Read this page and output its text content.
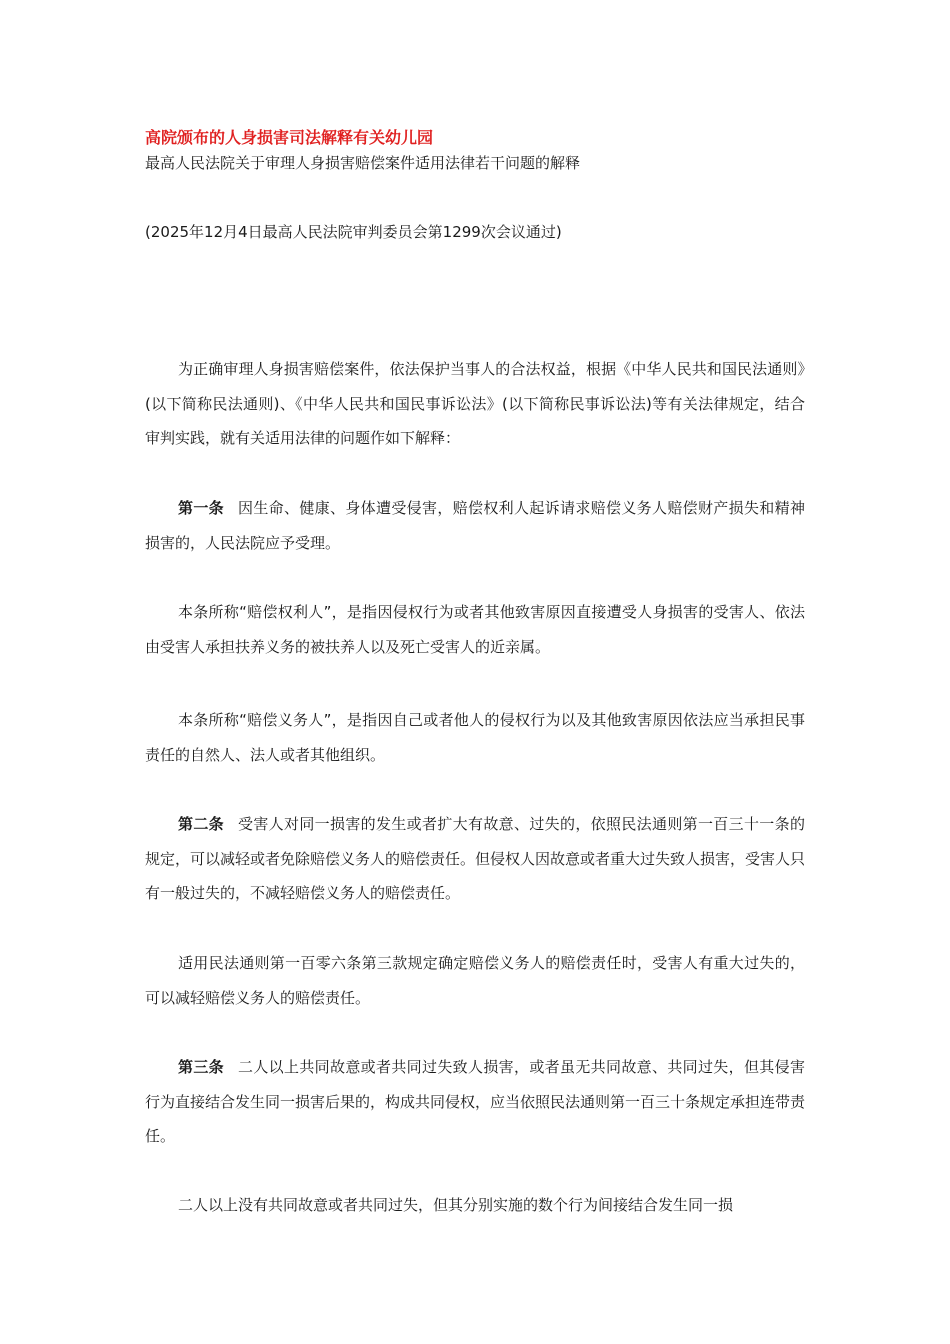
高院颁布的人身损害司法解释有关幼儿园
最高人民法院关于审理人身损害赔偿案件适用法律若干问题的解释
(2025年12月4日最高人民法院审判委员会第1299次会议通过)

为正确审理人身损害赔偿案件，依法保护当事人的合法权益，根据《中华人民共和国民法通则》(以下简称民法通则)、《中华人民共和国民事诉讼法》(以下简称民事诉讼法)等有关法律规定，结合审判实践，就有关适用法律的问题作如下解释：

第一条 因生命、健康、身体遭受侵害，赔偿权利人起诉请求赔偿义务人赔偿财产损失和精神损害的，人民法院应予受理。

本条所称“赔偿权利人”，是指因侵权行为或者其他致害原因直接遭受人身损害的受害人、依法由受害人承担扶养义务的被扶养人以及死亡受害人的近亲属。

本条所称“赔偿义务人”，是指因自己或者他人的侵权行为以及其他致害原因依法应当承担民事责任的自然人、法人或者其他组织。

第二条 受害人对同一损害的发生或者扩大有故意、过失的，依照民法通则第一百三十一条的规定，可以减轻或者免除赔偿义务人的赔偿责任。但侵权人因故意或者重大过失致人损害，受害人只有一般过失的，不减轻赔偿义务人的赔偿责任。

适用民法通则第一百零六条第三款规定确定赔偿义务人的赔偿责任时，受害人有重大过失的，可以减轻赔偿义务人的赔偿责任。

第三条 二人以上共同故意或者共同过失致人损害，或者虽无共同故意、共同过失，但其侵害行为直接结合发生同一损害后果的，构成共同侵权，应当依照民法通则第一百三十条规定承担连带责任。

二人以上没有共同故意或者共同过失，但其分别实施的数个行为间接结合发生同一损
